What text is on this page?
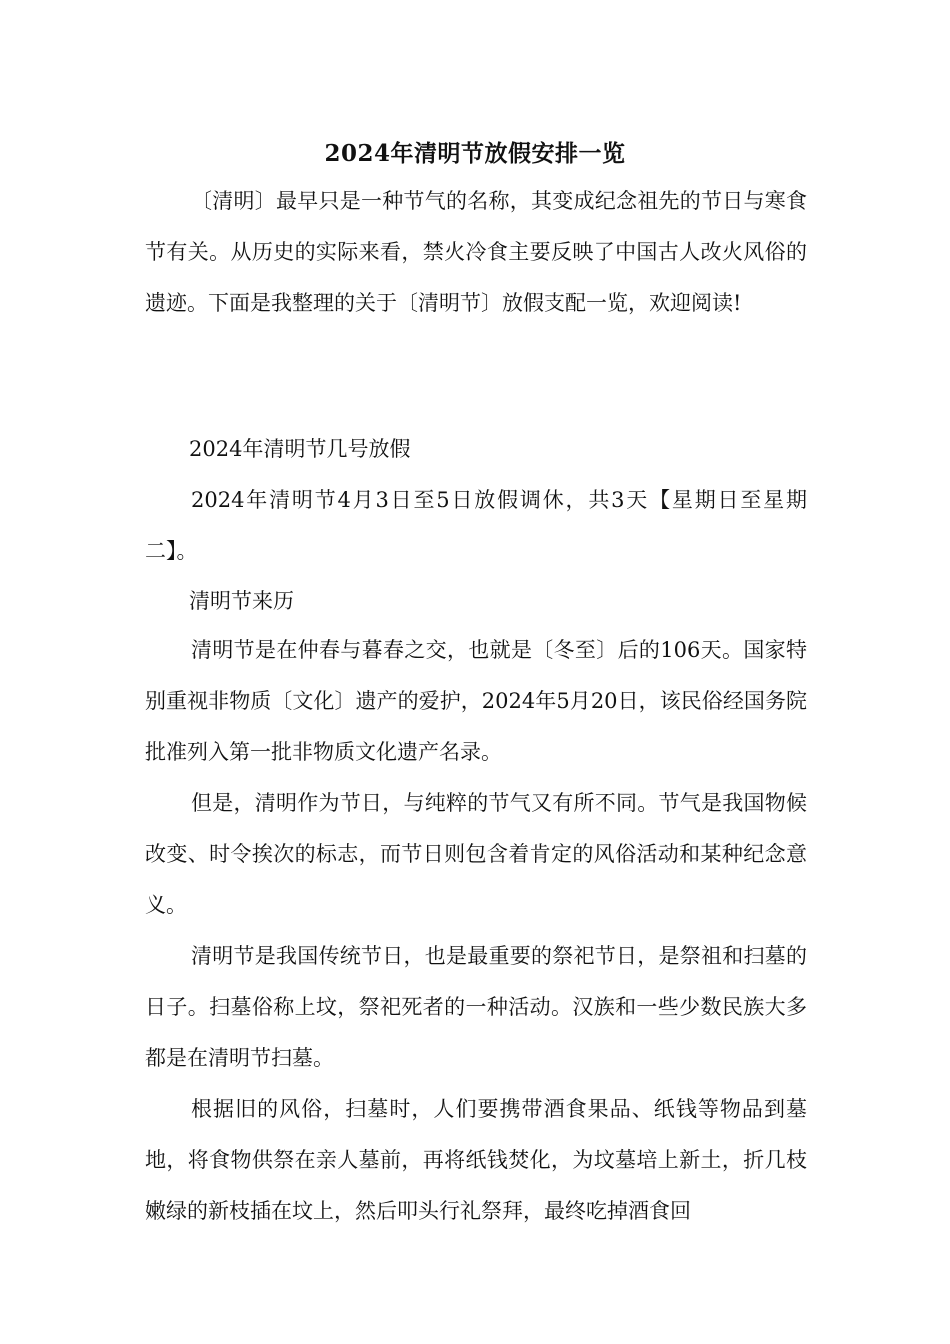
2024年清明节放假安排一览

〔清明〕最早只是一种节气的名称，其变成纪念祖先的节日与寒食节有关。从历史的实际来看，禁火冷食主要反映了中国古人改火风俗的遗迹。下面是我整理的关于〔清明节〕放假支配一览，欢迎阅读!

2024年清明节几号放假

2024年清明节4月3日至5日放假调休，共3天【星期日至星期二】。

清明节来历

清明节是在仲春与暮春之交，也就是〔冬至〕后的106天。国家特别重视非物质〔文化〕遗产的爱护，2024年5月20日，该民俗经国务院批准列入第一批非物质文化遗产名录。

但是，清明作为节日，与纯粹的节气又有所不同。节气是我国物候改变、时令挨次的标志，而节日则包含着肯定的风俗活动和某种纪念意义。

清明节是我国传统节日，也是最重要的祭祀节日，是祭祖和扫墓的日子。扫墓俗称上坟，祭祀死者的一种活动。汉族和一些少数民族大多都是在清明节扫墓。

根据旧的风俗，扫墓时，人们要携带酒食果品、纸钱等物品到墓地，将食物供祭在亲人墓前，再将纸钱焚化，为坟墓培上新土，折几枝嫩绿的新枝插在坟上，然后叩头行礼祭拜，最终吃掉酒食回
